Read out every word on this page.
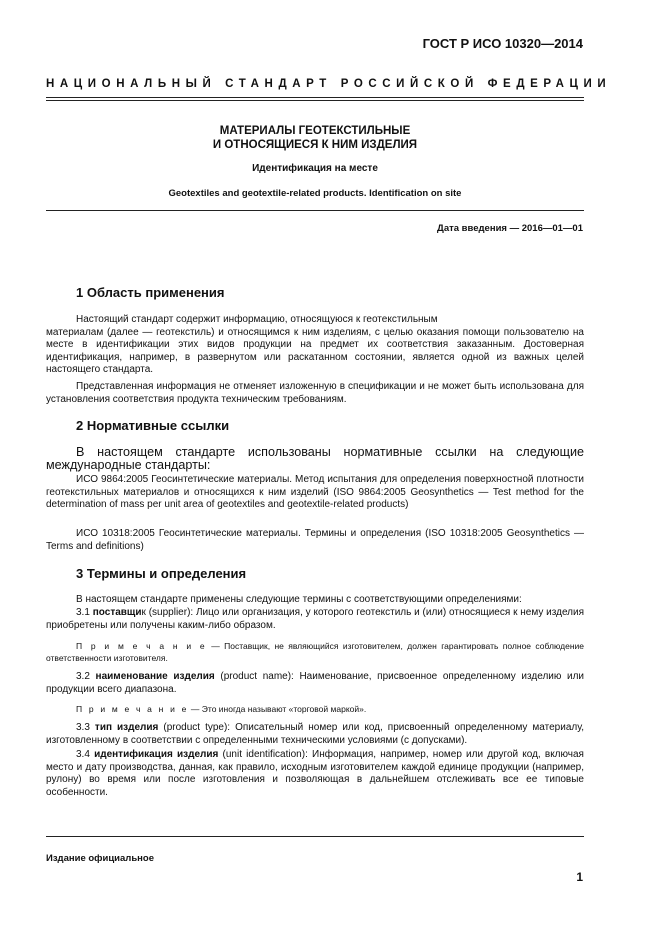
ГОСТ Р ИСО 10320—2014
НАЦИОНАЛЬНЫЙ СТАНДАРТ РОССИЙСКОЙ ФЕДЕРАЦИИ
МАТЕРИАЛЫ ГЕОТЕКСТИЛЬНЫЕ
И ОТНОСЯЩИЕСЯ К НИМ ИЗДЕЛИЯ
Идентификация на месте
Geotextiles and geotextile-related products. Identification on site
Дата введения — 2016—01—01
1 Область применения
Настоящий стандарт содержит информацию, относящуюся к геотекстильным
материалам (далее — геотекстиль) и относящимся к ним изделиям, с целью оказания помощи пользователю на месте в идентификации этих видов продукции на предмет их соответствия заказанным. Достоверная идентификация, например, в развернутом или раскатанном состоянии, является одной из важных целей настоящего стандарта.
Представленная информация не отменяет изложенную в спецификации и не может быть использована для установления соответствия продукта техническим требованиям.
2 Нормативные ссылки
В настоящем стандарте использованы нормативные ссылки на следующие международные стандарты:
ИСО 9864:2005 Геосинтетические материалы. Метод испытания для определения поверхностной плотности геотекстильных материалов и относящихся к ним изделий (ISO 9864:2005 Geosynthetics — Test method for the determination of mass per unit area of geotextiles and geotextile-related products)
ИСО 10318:2005 Геосинтетические материалы. Термины и определения (ISO 10318:2005 Geosynthetics — Terms and definitions)
3 Термины и определения
В настоящем стандарте применены следующие термины с соответствующими определениями:
3.1 поставщик (supplier): Лицо или организация, у которого геотекстиль и (или) относящиеся к нему изделия приобретены или получены каким-либо образом.
П р и м е ч а н и е — Поставщик, не являющийся изготовителем, должен гарантировать полное соблюдение ответственности изготовителя.
3.2 наименование изделия (product name): Наименование, присвоенное определенному изделию или продукции всего диапазона.
П р и м е ч а н и е — Это иногда называют «торговой маркой».
3.3 тип изделия (product type): Описательный номер или код, присвоенный определенному материалу, изготовленному в соответствии с определенными техническими условиями (с допусками).
3.4 идентификация изделия (unit identification): Информация, например, номер или другой код, включая место и дату производства, данная, как правило, исходным изготовителем каждой единице продукции (например, рулону) во время или после изготовления и позволяющая в дальнейшем отслеживать все ее типовые особенности.
Издание официальное
1
